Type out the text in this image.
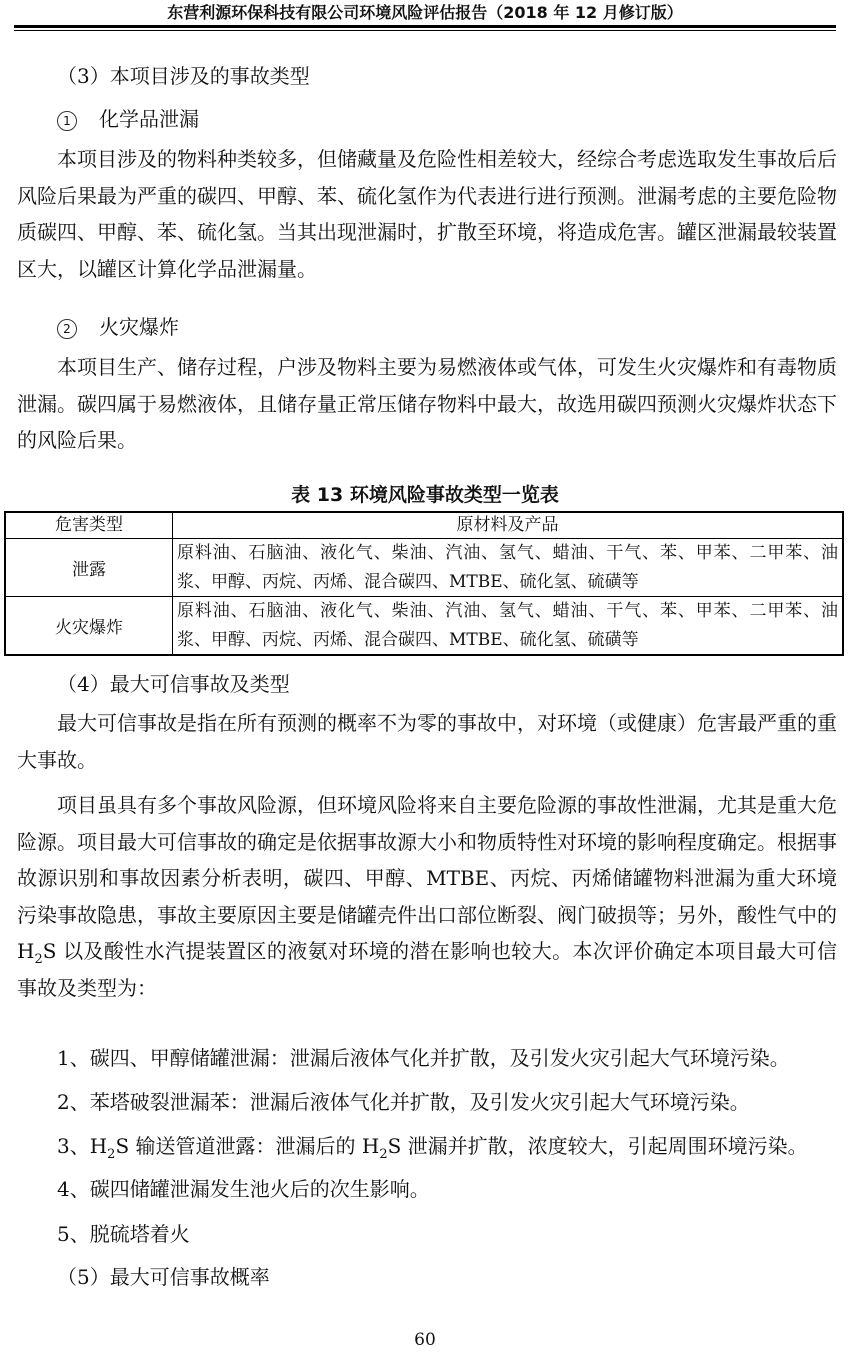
东营利源环保科技有限公司环境风险评估报告（2018 年 12 月修订版）
（3）本项目涉及的事故类型
1 化学品泄漏
本项目涉及的物料种类较多，但储藏量及危险性相差较大，经综合考虑选取发生事故后后风险后果最为严重的碳四、甲醇、苯、硫化氢作为代表进行进行预测。泄漏考虑的主要危险物质碳四、甲醇、苯、硫化氢。当其出现泄漏时，扩散至环境，将造成危害。罐区泄漏最较装置区大，以罐区计算化学品泄漏量。
2 火灾爆炸
本项目生产、储存过程，户涉及物料主要为易燃液体或气体，可发生火灾爆炸和有毒物质泄漏。碳四属于易燃液体，且储存量正常压储存物料中最大，故选用碳四预测火灾爆炸状态下的风险后果。
表 13 环境风险事故类型一览表
危害类型	原材料及产品
泄露	原料油、石脑油、液化气、柴油、汽油、氢气、蜡油、干气、苯、甲苯、二甲苯、油浆、甲醇、丙烷、丙烯、混合碳四、MTBE、硫化氢、硫磺等
火灾爆炸	原料油、石脑油、液化气、柴油、汽油、氢气、蜡油、干气、苯、甲苯、二甲苯、油浆、甲醇、丙烷、丙烯、混合碳四、MTBE、硫化氢、硫磺等
（4）最大可信事故及类型
最大可信事故是指在所有预测的概率不为零的事故中，对环境（或健康）危害最严重的重大事故。
项目虽具有多个事故风险源，但环境风险将来自主要危险源的事故性泄漏，尤其是重大危险源。项目最大可信事故的确定是依据事故源大小和物质特性对环境的影响程度确定。根据事故源识别和事故因素分析表明，碳四、甲醇、MTBE、丙烷、丙烯储罐物料泄漏为重大环境污染事故隐患，事故主要原因主要是储罐壳件出口部位断裂、阀门破损等；另外，酸性气中的 $H_2S$ 以及酸性水汽提装置区的液氨对环境的潜在影响也较大。本次评价确定本项目最大可信事故及类型为：
1、碳四、甲醇储罐泄漏：泄漏后液体气化并扩散，及引发火灾引起大气环境污染。
2、苯塔破裂泄漏苯：泄漏后液体气化并扩散，及引发火灾引起大气环境污染。
3、$H_2S$ 输送管道泄露：泄漏后的 $H_2S$ 泄漏并扩散，浓度较大，引起周围环境污染。
4、碳四储罐泄漏发生池火后的次生影响。
5、脱硫塔着火
（5）最大可信事故概率
60
